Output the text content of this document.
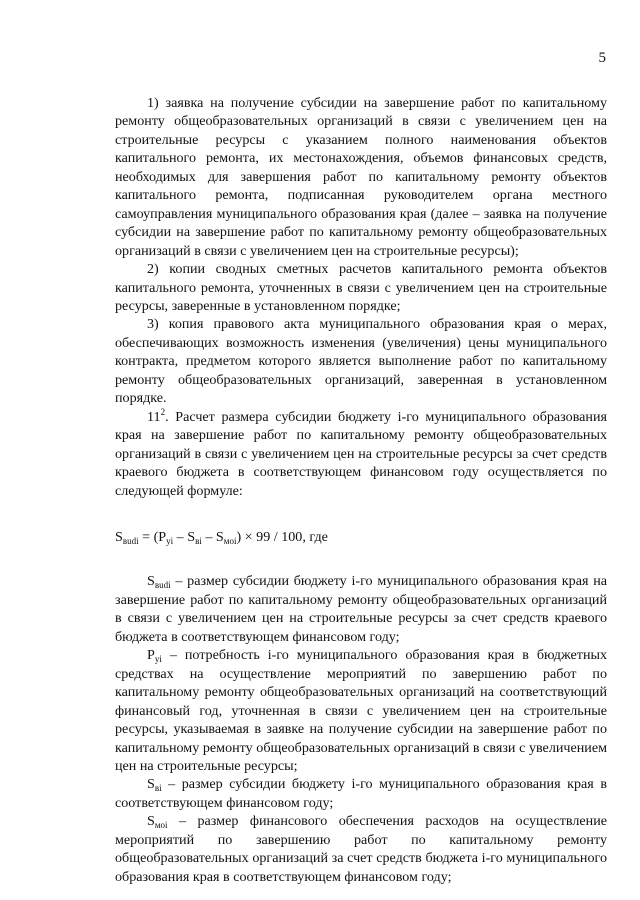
5

1) заявка на получение субсидии на завершение работ по капитальному ремонту общеобразовательных организаций в связи с увеличением цен на строительные ресурсы с указанием полного наименования объектов капитального ремонта, их местонахождения, объемов финансовых средств, необходимых для завершения работ по капитальному ремонту объектов капитального ремонта, подписанная руководителем органа местного самоуправления муниципального образования края (далее – заявка на получение субсидии на завершение работ по капитальному ремонту общеобразовательных организаций в связи с увеличением цен на строительные ресурсы);

2) копии сводных сметных расчетов капитального ремонта объектов капитального ремонта, уточненных в связи с увеличением цен на строительные ресурсы, заверенные в установленном порядке;

3) копия правового акта муниципального образования края о мерах, обеспечивающих возможность изменения (увеличения) цены муниципального контракта, предметом которого является выполнение работ по капитальному ремонту общеобразовательных организаций, заверенная в установленном порядке.

$11^2$. Расчет размера субсидии бюджету i-го муниципального образования края на завершение работ по капитальному ремонту общеобразовательных организаций в связи с увеличением цен на строительные ресурсы за счет средств краевого бюджета в соответствующем финансовом году осуществляется по следующей формуле:

$S_{вudi} = (P_{yi} - S_{вi} - S_{мoi}) \times 99 / 100$, где

$S_{вudi}$ – размер субсидии бюджету i-го муниципального образования края на завершение работ по капитальному ремонту общеобразовательных организаций в связи с увеличением цен на строительные ресурсы за счет средств краевого бюджета в соответствующем финансовом году;

$P_{yi}$ – потребность i-го муниципального образования края в бюджетных средствах на осуществление мероприятий по завершению работ по капитальному ремонту общеобразовательных организаций на соответствующий финансовый год, уточненная в связи с увеличением цен на строительные ресурсы, указываемая в заявке на получение субсидии на завершение работ по капитальному ремонту общеобразовательных организаций в связи с увеличением цен на строительные ресурсы;

$S_{вi}$ – размер субсидии бюджету i-го муниципального образования края в соответствующем финансовом году;

$S_{мoi}$ – размер финансового обеспечения расходов на осуществление мероприятий по завершению работ по капитальному ремонту общеобразовательных организаций за счет средств бюджета i-го муниципального образования края в соответствующем финансовом году;
